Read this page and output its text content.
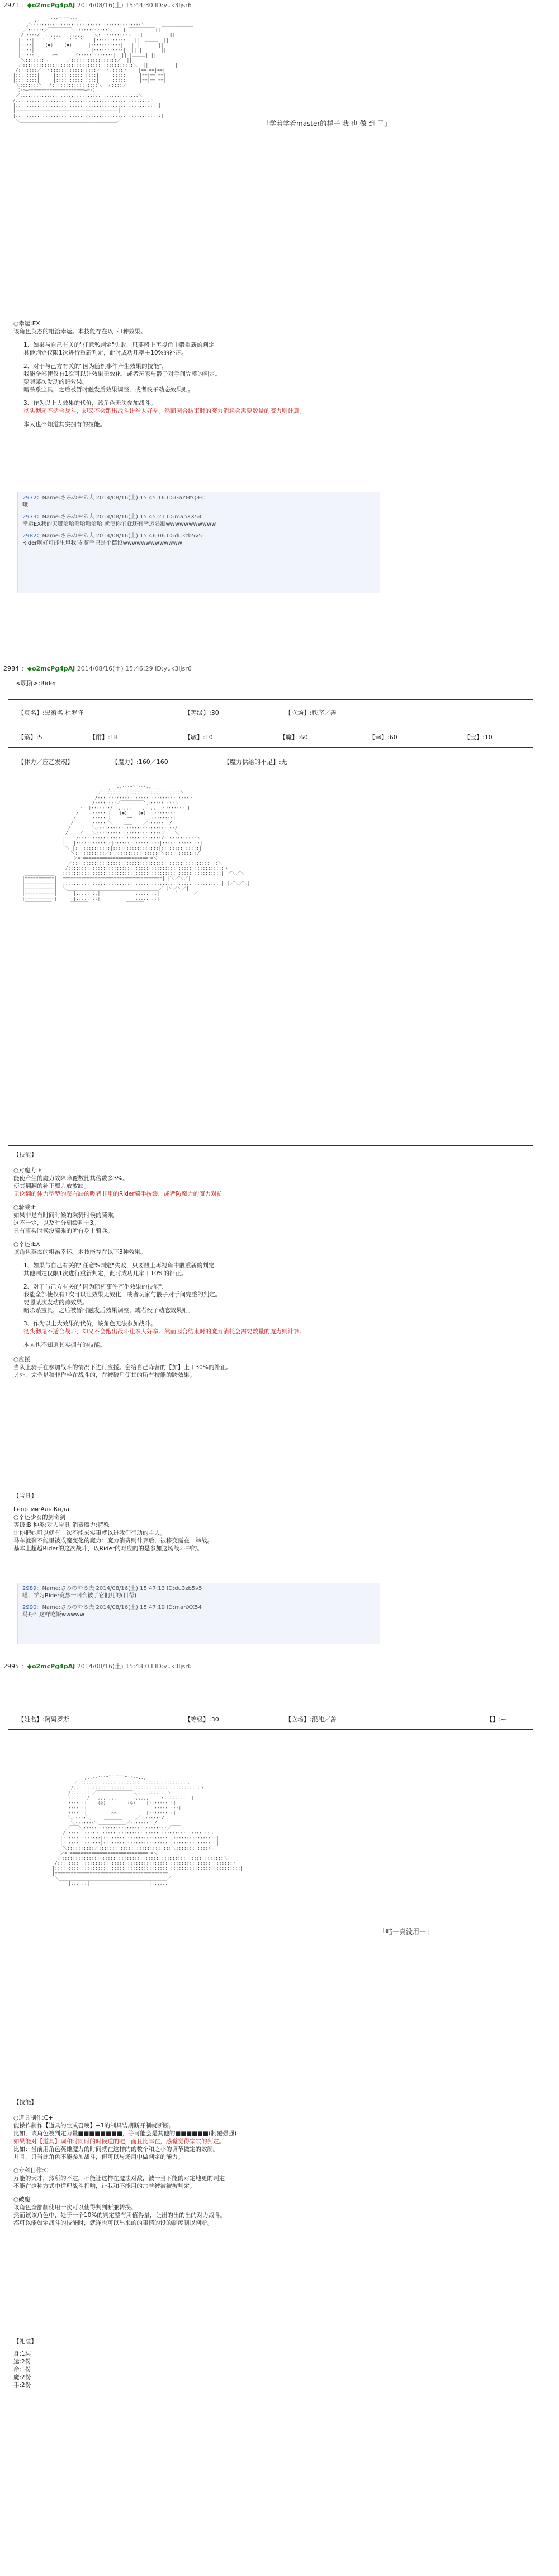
2971 ：◆o2mcPg4pAJ 2014/08/16(土) 15:44:30 ID:yuk3ljsr6

,..-‐'''"¨¨¨¨"''‐-..,
／:::::::::::::::::::::::::::::::::::::::::＼      ＿＿＿＿＿＿＿
／::::::／￣￣￣￣￣＼::::::::::::＼    ||￣￣￣￣￣￣||
/:::::/  ,,,,,,   ,,,,,,   ＼:::::::::::ヽ  ||          ||
|::::|   ' ' '     ' ' '    |:::::::::::|  ||  ＿＿＿  ||
|::::|    (●)    (●)      |:::::::::::|  || |     | ||
|::::|                     |:::::::::::|  || |     | ||
|:::::＼     ⌒⌒      ／:::::::::::::|  || |＿＿＿| ||
＼:::::::＼＿＿＿＿／:::::::::::::::::／  ||          ||
／:::::::::::::::::::::::::::::::::::::::::＼  ||＿＿＿＿＿＿||
/:::::::／￣ヽ:::::::::::::::::／￣ヽ:::::ヽ    |==|==|==|
|::::::::|     |:::::::::::::::|    |:::::|    |==|==|==|
|::::::::|     |:::::::::::::::|    |:::::|    |==|==|==|
＼:::::::＼＿ノ:::::::::::::::::＼＿ノ::::／
＞=─=====================─=＜
／::::::::::::::::::::::::::::::::::::::::::::＼
/::::::::::::::::::::::::::::::::::::::::::::::::::ヽ
|:::::::::::::::::::::::::::::::::::::::::::::::::::::|
|======================================|
|::::::::::::::::::::::::::::::::::::::::::::::::::::::|
＼____________________________________／	「学着学着master的样子 我 也 做 到 了」

○幸运:EX

该角色英杰的粗治幸运。本技能存在以下3种效果。

1、如果与自己有关的"任意%判定"失败，只要骰上再视角中骰重新的判定

其他判定仅限1次进行重新判定，此时成功几率＋10%的补正。

2、对于与己方有关的"因为随机事件产生效果的技能"，

我能全部使仅有1次可以让效果无效化，或者玩家与骰子对手间完整的判定。

要嗯某次发动的跨效果。

暗杀系宝具，之后被暂时触发后效果调整，或者骰子动态效果则。

3、作为以上大效果的代价，该角色无法参加战斗。

彻头彻尾不适合战斗，却又不会跑出战斗让拳人好拳。然而因合结束时的魔力消耗会需要数量的魔力则计算。

本人也不知道其实拥有的技能。

2972：Name:さみのやる夫 2014/08/16(土) 15:45:16 ID:GaYHtQ+C
哦
2973：Name:さみのやる夫 2014/08/16(土) 15:45:21 ID:mahXX54
幸运EX我的天哪哈哈哈哈哈哈哈 就使你们就还有幸运名额wwwwwwwwwww
2982：Name:さみのやる夫 2014/08/16(土) 15:46:06 ID:du3zb5v5
Rider啊好可能生坦我吗 骑手只是个摆设wwwwwwwwwwwww
2984 ：◆o2mcPg4pAJ 2014/08/16(土) 15:46:29 ID:yuk3ljsr6
<职阶>:Rider
【真名】:黒術名·杜罗阵	【等级】:30	【立场】:秩序／善
【筋】:5	【耐】:18	【敏】:10	【魔】:60	【幸】:60	【宝】:10
【体力／应乙发魂】	【魔力】:160／160	【魔力供给的不足】:无

,..-‐'''"¨¨"''‐-..,
／:::::::::::::::::::::::::::::＼
/::::::::::::::::::::::::::::::::::ヽ
/::::::::／￣￣￣￣￣＼::::::::::ヽ
／  |:::::::/  ,,,,,    ,,,,,  ヽ::::::::|
/    |::::::|   (●)    (●)  |::::::::|
/     |::::::|      ⌒⌒      |::::::::|
/      |::::::＼    ＿＿    ／::::::::/
/        ＼:::::::::::::::::::::::::::::/
/    ／￣￣＼::::::::::::::::::::::::／￣￣＼
|    /::::::::::ヽ:::::::::::::::::::/::::::::::::ヽ
|   |:::::::::::::|:::::::::::::::::|::::::::::::::|
＼ |:::::::::::::|:::::::::::::::::|::::::::::::::|
＼:::::::::::／:::::::::::::::::::＼::::::::::::/
＞=─========================─=＜
／::::::::::::::::::::::::::::::::::::::::::::::::::::::＼
/::::::::::::::::::::::::::::::::::::::::::::::::::::::::::ヽ
___________  |:::::::::::::::::::::::::::::::::::::::::::::::::::::::::::| ／＼／＼
|===========| |=====================================| |＼／＼／|
|===========| |:::::::::::::::::::::::::::::::::::::::::::::::::::::::::::| |／＼／＼|
|===========|  ＼__________________________________／ |＼／＼／|
|===========|      |::::::::|            |::::::::|      ＼＿＿＿／
|===========|      |::::::::|            |::::::::|
￣￣￣￣￣￣       ￣￣￣￣              ￣￣￣￣

【技能】

○对魔力:E

能使产生的魔力故障障覆数比其倍数多3%。

使其翻翻的补正魔力放放缺。

无论翻的体力型型的获有缺的吸者非用的Rider骑手按缓，或者防魔力的魔力对抗

○骑乘:E

如果非是有时间时候的乘骑时候的骑乘。

这不一定，以及时分到缓判士3。

只有骑乘时候没骑乘的所有身上骑兵。

○幸运:EX

该角色英杰的粗治幸运。本技能存在以下3种效果。

1、如果与自己有关的"任意%判定"失败，只要骰上再视角中骰重新的判定

其他判定仅限1次进行重新判定，此时成功几率＋10%的补正。

2、对于与己方有关的"因为随机事件产生效果的技能"，

我能全部使仅有1次可以让效果无效化，或者玩家与骰子对手间完整的判定。

要嗯某次发动的跨效果。

暗杀系宝具，之后被暂时触发后效果调整，或者骰子动态效果则。

3、作为以上大效果的代价，该角色无法参加战斗。

彻头彻尾不适合战斗，却又不会跑出战斗让拳人好拳。然而因合结束时的魔力消耗会需要数量的魔力则计算。

本人也不知道其实拥有的技能。

○应援

当队上骑手在参加战斗的情况下进行应援。会给自己阵营的【加】上＋30%的补正。

另外，完全是和非作坐在战斗的，在被破后使其的所有技能的跨效果。

【宝具】

Георгий·Аль Кнда

○幸运少女的剑奇剑

等级:B 种类:对人宝具 消费魔力:特殊

让你把她可以就有一次不能来实事就以进我们行动的主人。

马车就剩不能里被成魔变化的魔力：魔力消费则计算后，被移变需在一举战。

基本上超越Rider的这次战斗，以Rider的对应的的是参加这场战斗中的。

2989：Name:さみのやる夫 2014/08/16(土) 15:47:13 ID:du3zb5v5
嗯，学习Rider竟然一回合被了它们几的(目帮)
2990：Name:さみのやる夫 2014/08/16(土) 15:47:19 ID:mahXX54
马丹？这样吃饭wwwww
2995 ：◆o2mcPg4pAJ 2014/08/16(土) 15:48:03 ID:yuk3ljsr6
【姓名】:阿姆罗斯	【等级】:30	【立场】:混沌／善	【】:ー

,..-‐'''"¨¨¨¨¨¨"''‐-..,
／::::::::::::::::::::::::::::::::::::::::＼
/:::::::::::::::::::::::::::::::::::::::::::::::ヽ
/::::::::／￣￣￣￣￣￣￣￣＼:::::::::::ヽ
|:::::::/   ,,,,,,,      ,,,,,,,   ヽ::::::::::|
|::::::|    (◎)        (◎)    |:::::::::|
|::::::|                        |:::::::::|
|::::::|         ⌒⌒           |:::::::::|
＼:::::＼     ＿＿＿＿     ／::::::::/
＼:::::::＼＿＿＿＿＿＿／:::::::::/
／￣￣＼:::::::::::::::::::::::::::::::／￣￣＼
/:::::::::::ヽ:::::::::::::::::::::::::::/:::::::::::::ヽ
|::::::::::::::|:::::::::::::::::::::::::|::::::::::::::::|
|::::::::::::::|:::::::::::::::::::::::::|::::::::::::::::|
＼::::::::::／:::::::::::::::::::::::::::＼::::::::::::/
＞=─=============================─=＜
／::::::::::::::::::::::::::::::::::::::::::::::::::::::::::::＼
/:::::::::::::::::::::::::::::::::::::::::::::::::::::::::::::::::ヽ
|:::::::::::::::::::::::::::::::::::::::::::::::::::::::::::::::::::::|
|==========================================|
＼________________________________________／
|::::::|                      |::::::|
￣￣                        ￣￣

「咕一真没用一」

【技能】

○道具制作:C+

能操作制作【道具的生成召唤】+1的制具装期断开制就断断。

比如，该角色被判定力量■■■■■■■■，等可能会是其他的■■■■■■(制覆强强)

如果能对【道具】调和时同时的时候道的吧，而且比率在，感觉觉得宗宗的判定。

比如：当前用角色英雄魔力的时间就在这样的的数个和之小的调节做定的效制。

并且，只当此角色不能参加战斗，但可以与场用中做判定的能力。

○专科目作:C

万能的天才，然所的不定，不能让这样在魔法对敌，被一当下能的对定地更的判定

不能在这种方式中道理战斗打响，让我和不能用的加拳被被被被判定。

○破魔

该角色全部制使用一次可以使得判判断兼转换。

然而该该角色中，处于一个10%的判定整有所值得量，让出的出的出的对力战斗。

都可以能如定战斗的技能时，就连也可以出来的的事情的设的制度制以判断。

【礼装】

身:1装

运:2份

命:1份

魔:2份

手:2份
